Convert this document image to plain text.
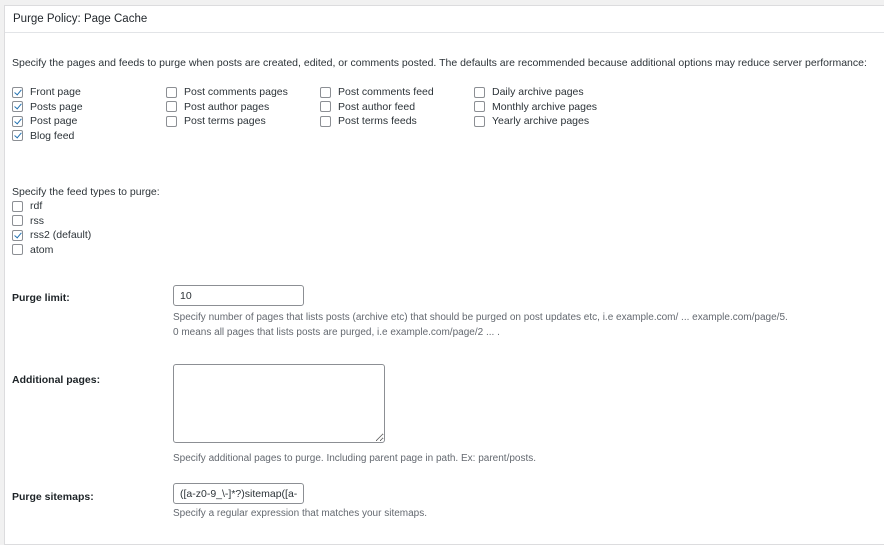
Purge Policy: Page Cache
Specify the pages and feeds to purge when posts are created, edited, or comments posted. The defaults are recommended because additional options may reduce server performance:
Front page
Posts page
Post page
Blog feed
Post comments pages
Post author pages
Post terms pages
Post comments feed
Post author feed
Post terms feeds
Daily archive pages
Monthly archive pages
Yearly archive pages
Specify the feed types to purge:
rdf
rss
rss2 (default)
atom
Purge limit:
10
Specify number of pages that lists posts (archive etc) that should be purged on post updates etc, i.e example.com/ ... example.com/page/5.
0 means all pages that lists posts are purged, i.e example.com/page/2 ... .
Additional pages:
Specify additional pages to purge. Including parent page in path. Ex: parent/posts.
Purge sitemaps:
([a-z0-9_\-]*?)sitemap([a-z0-9_\-]*)?\.xml
Specify a regular expression that matches your sitemaps.
